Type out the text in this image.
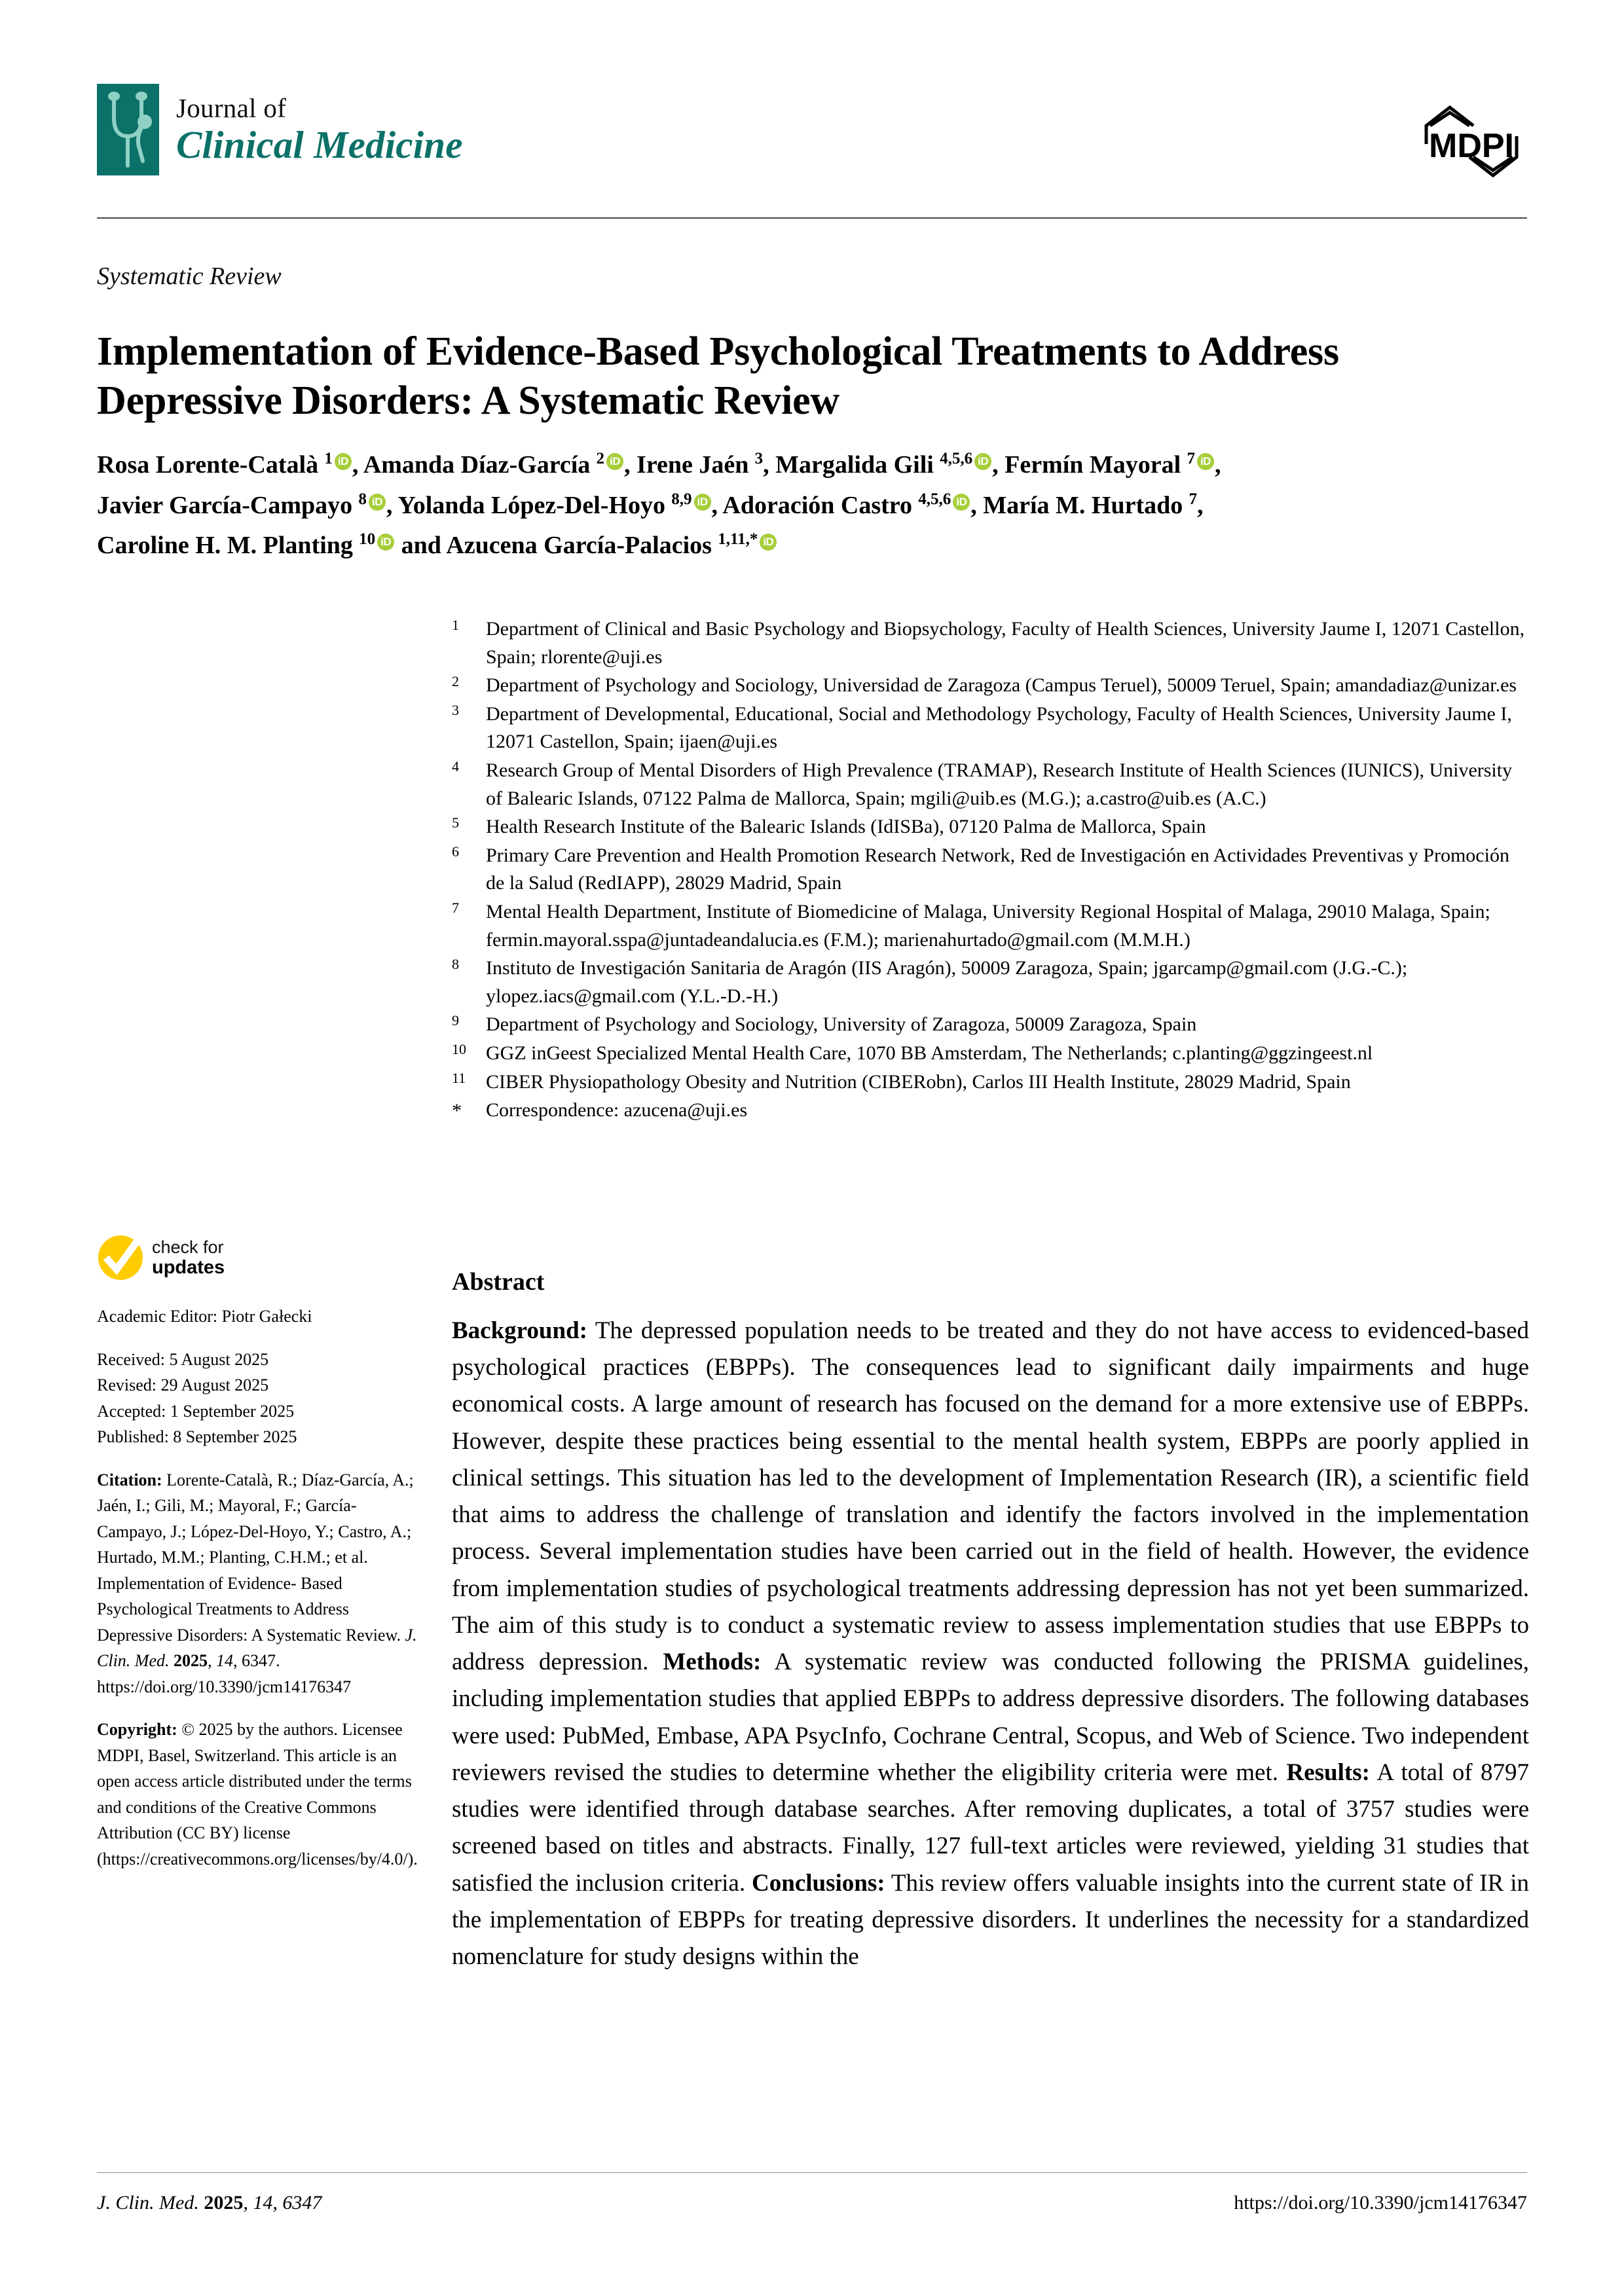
Journal of
Clinical Medicine	MDPI
Systematic Review
Implementation of Evidence-Based Psychological Treatments to Address Depressive Disorders: A Systematic Review
Rosa Lorente-Català $^1$ iD , Amanda Díaz-García $^2$ iD , Irene Jaén $^3$, Margalida Gili $^{4,5,6}$ iD , Fermín Mayoral $^7$ iD ,
Javier García-Campayo $^8$ iD , Yolanda López-Del-Hoyo $^{8,9}$ iD , Adoración Castro $^{4,5,6}$ iD , María M. Hurtado $^7$,
Caroline H. M. Planting $^{10}$ iD and Azucena García-Palacios $^{1,11,*}$ iD
1	Department of Clinical and Basic Psychology and Biopsychology, Faculty of Health Sciences, University Jaume I, 12071 Castellon, Spain; rlorente@uji.es
2	Department of Psychology and Sociology, Universidad de Zaragoza (Campus Teruel), 50009 Teruel, Spain; amandadiaz@unizar.es
3	Department of Developmental, Educational, Social and Methodology Psychology, Faculty of Health Sciences, University Jaume I, 12071 Castellon, Spain; ijaen@uji.es
4	Research Group of Mental Disorders of High Prevalence (TRAMAP), Research Institute of Health Sciences (IUNICS), University of Balearic Islands, 07122 Palma de Mallorca, Spain; mgili@uib.es (M.G.); a.castro@uib.es (A.C.)
5	Health Research Institute of the Balearic Islands (IdISBa), 07120 Palma de Mallorca, Spain
6	Primary Care Prevention and Health Promotion Research Network, Red de Investigación en Actividades Preventivas y Promoción de la Salud (RedIAPP), 28029 Madrid, Spain
7	Mental Health Department, Institute of Biomedicine of Malaga, University Regional Hospital of Malaga, 29010 Malaga, Spain; fermin.mayoral.sspa@juntadeandalucia.es (F.M.); marienahurtado@gmail.com (M.M.H.)
8	Instituto de Investigación Sanitaria de Aragón (IIS Aragón), 50009 Zaragoza, Spain; jgarcamp@gmail.com (J.G.-C.); ylopez.iacs@gmail.com (Y.L.-D.-H.)
9	Department of Psychology and Sociology, University of Zaragoza, 50009 Zaragoza, Spain
10	GGZ inGeest Specialized Mental Health Care, 1070 BB Amsterdam, The Netherlands; c.planting@ggzingeest.nl
11	CIBER Physiopathology Obesity and Nutrition (CIBERobn), Carlos III Health Institute, 28029 Madrid, Spain
*	Correspondence: azucena@uji.es
check for
updates
Academic Editor: Piotr Gałecki
Received: 5 August 2025
Revised: 29 August 2025
Accepted: 1 September 2025
Published: 8 September 2025
Citation: Lorente-Català, R.; Díaz-García, A.; Jaén, I.; Gili, M.; Mayoral, F.; García-Campayo, J.; López-Del-Hoyo, Y.; Castro, A.; Hurtado, M.M.; Planting, C.H.M.; et al. Implementation of Evidence- Based Psychological Treatments to Address Depressive Disorders: A Systematic Review. J. Clin. Med. 2025, 14, 6347. https://doi.org/10.3390/jcm14176347
Copyright: © 2025 by the authors. Licensee MDPI, Basel, Switzerland. This article is an open access article distributed under the terms and conditions of the Creative Commons Attribution (CC BY) license (https://creativecommons.org/licenses/by/4.0/).
Abstract
Background: The depressed population needs to be treated and they do not have access to evidenced-based psychological practices (EBPPs). The consequences lead to significant daily impairments and huge economical costs. A large amount of research has focused on the demand for a more extensive use of EBPPs. However, despite these practices being essential to the mental health system, EBPPs are poorly applied in clinical settings. This situation has led to the development of Implementation Research (IR), a scientific field that aims to address the challenge of translation and identify the factors involved in the implementation process. Several implementation studies have been carried out in the field of health. However, the evidence from implementation studies of psychological treatments addressing depression has not yet been summarized. The aim of this study is to conduct a systematic review to assess implementation studies that use EBPPs to address depression. Methods: A systematic review was conducted following the PRISMA guidelines, including implementation studies that applied EBPPs to address depressive disorders. The following databases were used: PubMed, Embase, APA PsycInfo, Cochrane Central, Scopus, and Web of Science. Two independent reviewers revised the studies to determine whether the eligibility criteria were met. Results: A total of 8797 studies were identified through database searches. After removing duplicates, a total of 3757 studies were screened based on titles and abstracts. Finally, 127 full-text articles were reviewed, yielding 31 studies that satisfied the inclusion criteria. Conclusions: This review offers valuable insights into the current state of IR in the implementation of EBPPs for treating depressive disorders. It underlines the necessity for a standardized nomenclature for study designs within the
J. Clin. Med. 2025, 14, 6347	https://doi.org/10.3390/jcm14176347
